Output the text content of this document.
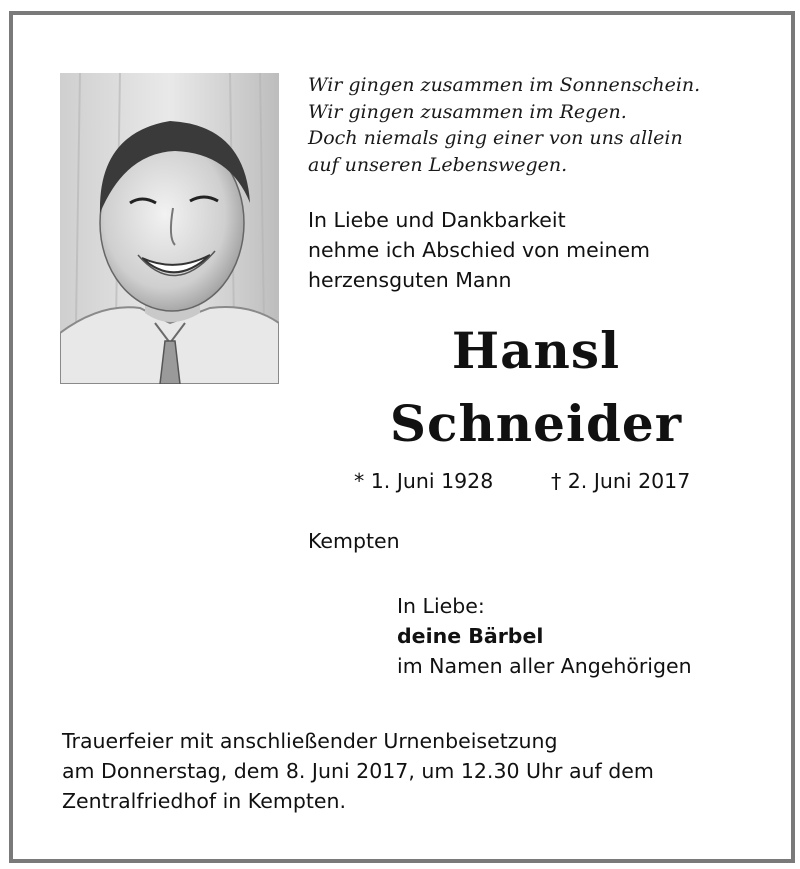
Wir gingen zusammen im Sonnenschein.
Wir gingen zusammen im Regen.
Doch niemals ging einer von uns allein
auf unseren Lebenswegen.
In Liebe und Dankbarkeit
nehme ich Abschied von meinem
herzensguten Mann
Hansl
Schneider
* 1. Juni 1928	† 2. Juni 2017
Kempten
In Liebe:
deine Bärbel
im Namen aller Angehörigen
Trauerfeier mit anschließender Urnenbeisetzung
am Donnerstag, dem 8. Juni 2017, um 12.30 Uhr auf dem
Zentralfriedhof in Kempten.
